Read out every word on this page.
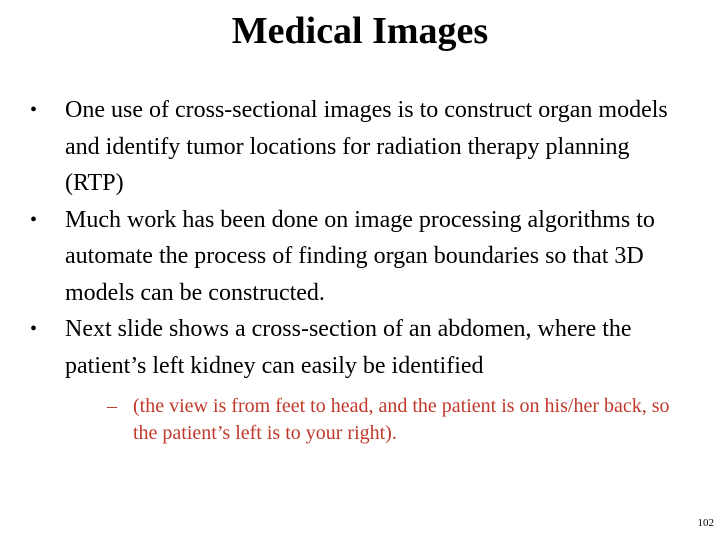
Medical Images
•	One use of cross-sectional images is to construct organ models and identify tumor locations for radiation therapy planning (RTP)
•	Much work has been done on image processing algorithms to automate the process of finding organ boundaries so that 3D models can be constructed.
•	Next slide shows a cross-section of an abdomen, where the patient’s left kidney can easily be identified
– (the view is from feet to head, and the patient is on his/her back, so the patient’s left is to your right).
102
